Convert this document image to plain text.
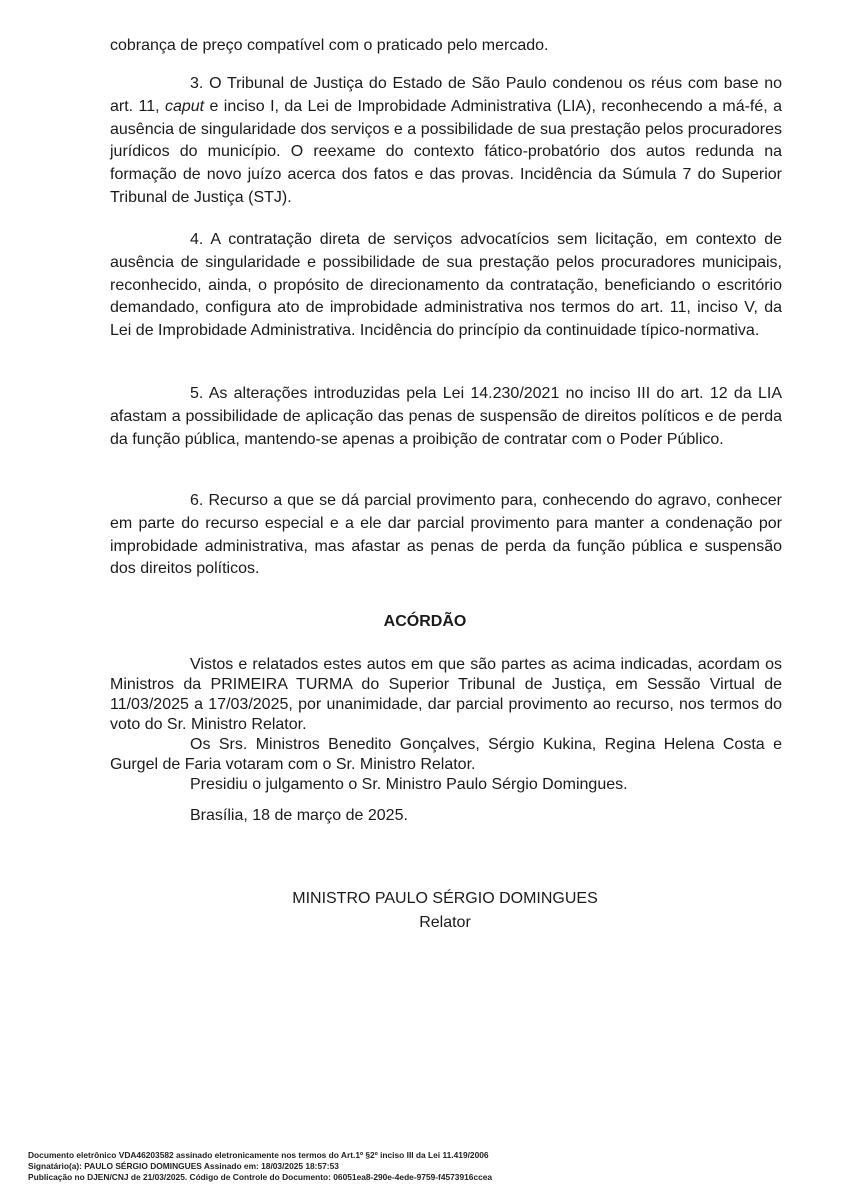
cobrança de preço compatível com o praticado pelo mercado.

3. O Tribunal de Justiça do Estado de São Paulo condenou os réus com base no art. 11, caput e inciso I, da Lei de Improbidade Administrativa (LIA), reconhecendo a má-fé, a ausência de singularidade dos serviços e a possibilidade de sua prestação pelos procuradores jurídicos do município. O reexame do contexto fático-probatório dos autos redunda na formação de novo juízo acerca dos fatos e das provas. Incidência da Súmula 7 do Superior Tribunal de Justiça (STJ).

4. A contratação direta de serviços advocatícios sem licitação, em contexto de ausência de singularidade e possibilidade de sua prestação pelos procuradores municipais, reconhecido, ainda, o propósito de direcionamento da contratação, beneficiando o escritório demandado, configura ato de improbidade administrativa nos termos do art. 11, inciso V, da Lei de Improbidade Administrativa. Incidência do princípio da continuidade típico-normativa.

5. As alterações introduzidas pela Lei 14.230/2021 no inciso III do art. 12 da LIA afastam a possibilidade de aplicação das penas de suspensão de direitos políticos e de perda da função pública, mantendo-se apenas a proibição de contratar com o Poder Público.

6. Recurso a que se dá parcial provimento para, conhecendo do agravo, conhecer em parte do recurso especial e a ele dar parcial provimento para manter a condenação por improbidade administrativa, mas afastar as penas de perda da função pública e suspensão dos direitos políticos.

ACÓRDÃO

Vistos e relatados estes autos em que são partes as acima indicadas, acordam os Ministros da PRIMEIRA TURMA do Superior Tribunal de Justiça, em Sessão Virtual de 11/03/2025 a 17/03/2025, por unanimidade, dar parcial provimento ao recurso, nos termos do voto do Sr. Ministro Relator.

Os Srs. Ministros Benedito Gonçalves, Sérgio Kukina, Regina Helena Costa e Gurgel de Faria votaram com o Sr. Ministro Relator.

Presidiu o julgamento o Sr. Ministro Paulo Sérgio Domingues.

Brasília, 18 de março de 2025.
MINISTRO PAULO SÉRGIO DOMINGUES
Relator
Documento eletrônico VDA46203582 assinado eletronicamente nos termos do Art.1º §2º inciso III da Lei 11.419/2006
Signatário(a): PAULO SÉRGIO DOMINGUES Assinado em: 18/03/2025 18:57:53
Publicação no DJEN/CNJ de 21/03/2025. Código de Controle do Documento: 06051ea8-290e-4ede-9759-f4573916ccea
